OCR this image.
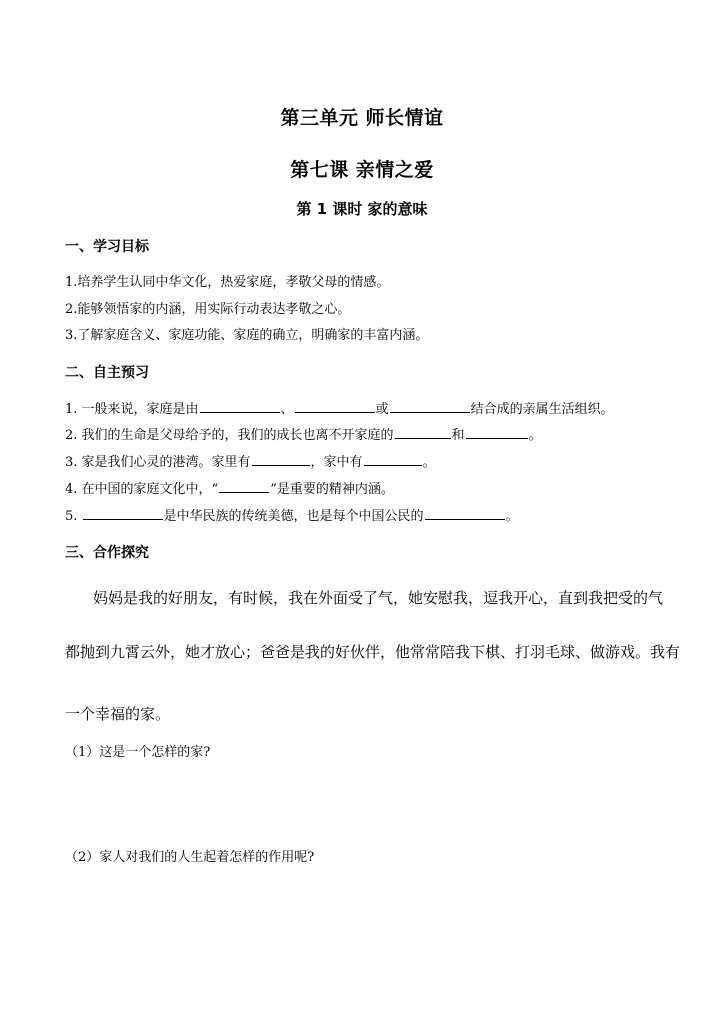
第三单元 师长情谊
第七课 亲情之爱
第 1 课时 家的意味
一、学习目标
1.培养学生认同中华文化，热爱家庭，孝敬父母的情感。
2.能够领悟家的内涵，用实际行动表达孝敬之心。
3.了解家庭含义、家庭功能、家庭的确立，明确家的丰富内涵。
二、自主预习
1. 一般来说，家庭是由	、	或	结合成的亲属生活组织。
2. 我们的生命是父母给予的，我们的成长也离不开家庭的	和	。
3. 家是我们心灵的港湾。家里有	，家中有	。
4. 在中国的家庭文化中，“	”是重要的精神内涵。
5.	是中华民族的传统美德，也是每个中国公民的	。
三、合作探究
妈妈是我的好朋友，有时候，我在外面受了气，她安慰我，逗我开心，直到我把受的气
都抛到九霄云外，她才放心；爸爸是我的好伙伴，他常常陪我下棋、打羽毛球、做游戏。我有
一个幸福的家。
（1）这是一个怎样的家?
（2）家人对我们的人生起着怎样的作用呢?
